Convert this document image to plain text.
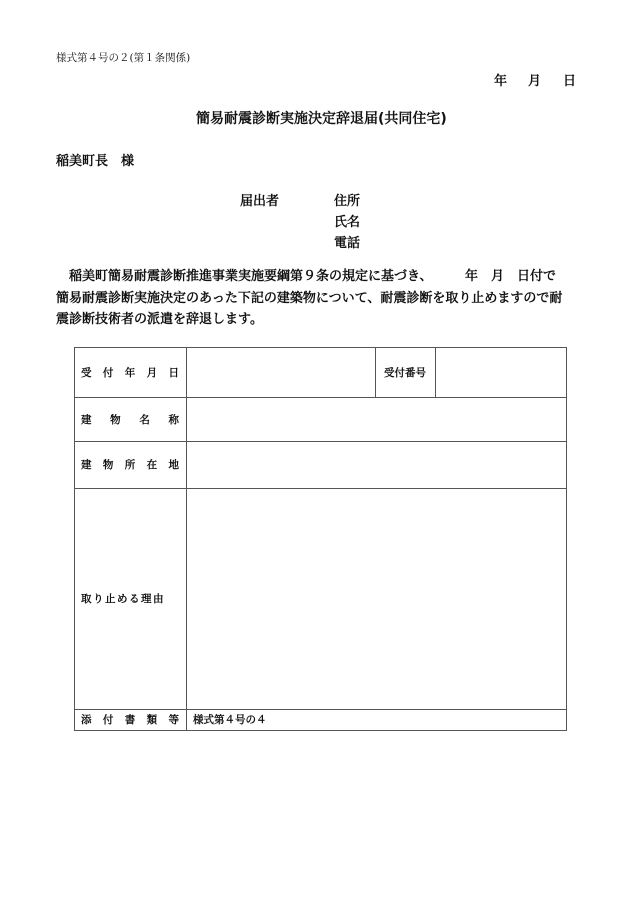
様式第４号の２(第１条関係)
年 月 日
簡易耐震診断実施決定辞退届(共同住宅)
稲美町長　様
届出者	住所
氏名
電話
　稲美町簡易耐震診断推進事業実施要綱第９条の規定に基づき、　　　年　月　日付で
簡易耐震診断実施決定のあった下記の建築物について、耐震診断を取り止めますので耐
震診断技術者の派遣を辞退します。
受 付 年 月 日	受付番号
建 物 名 称
建 物 所 在 地
取り止める理由
添 付 書 類 等 様式第４号の４
